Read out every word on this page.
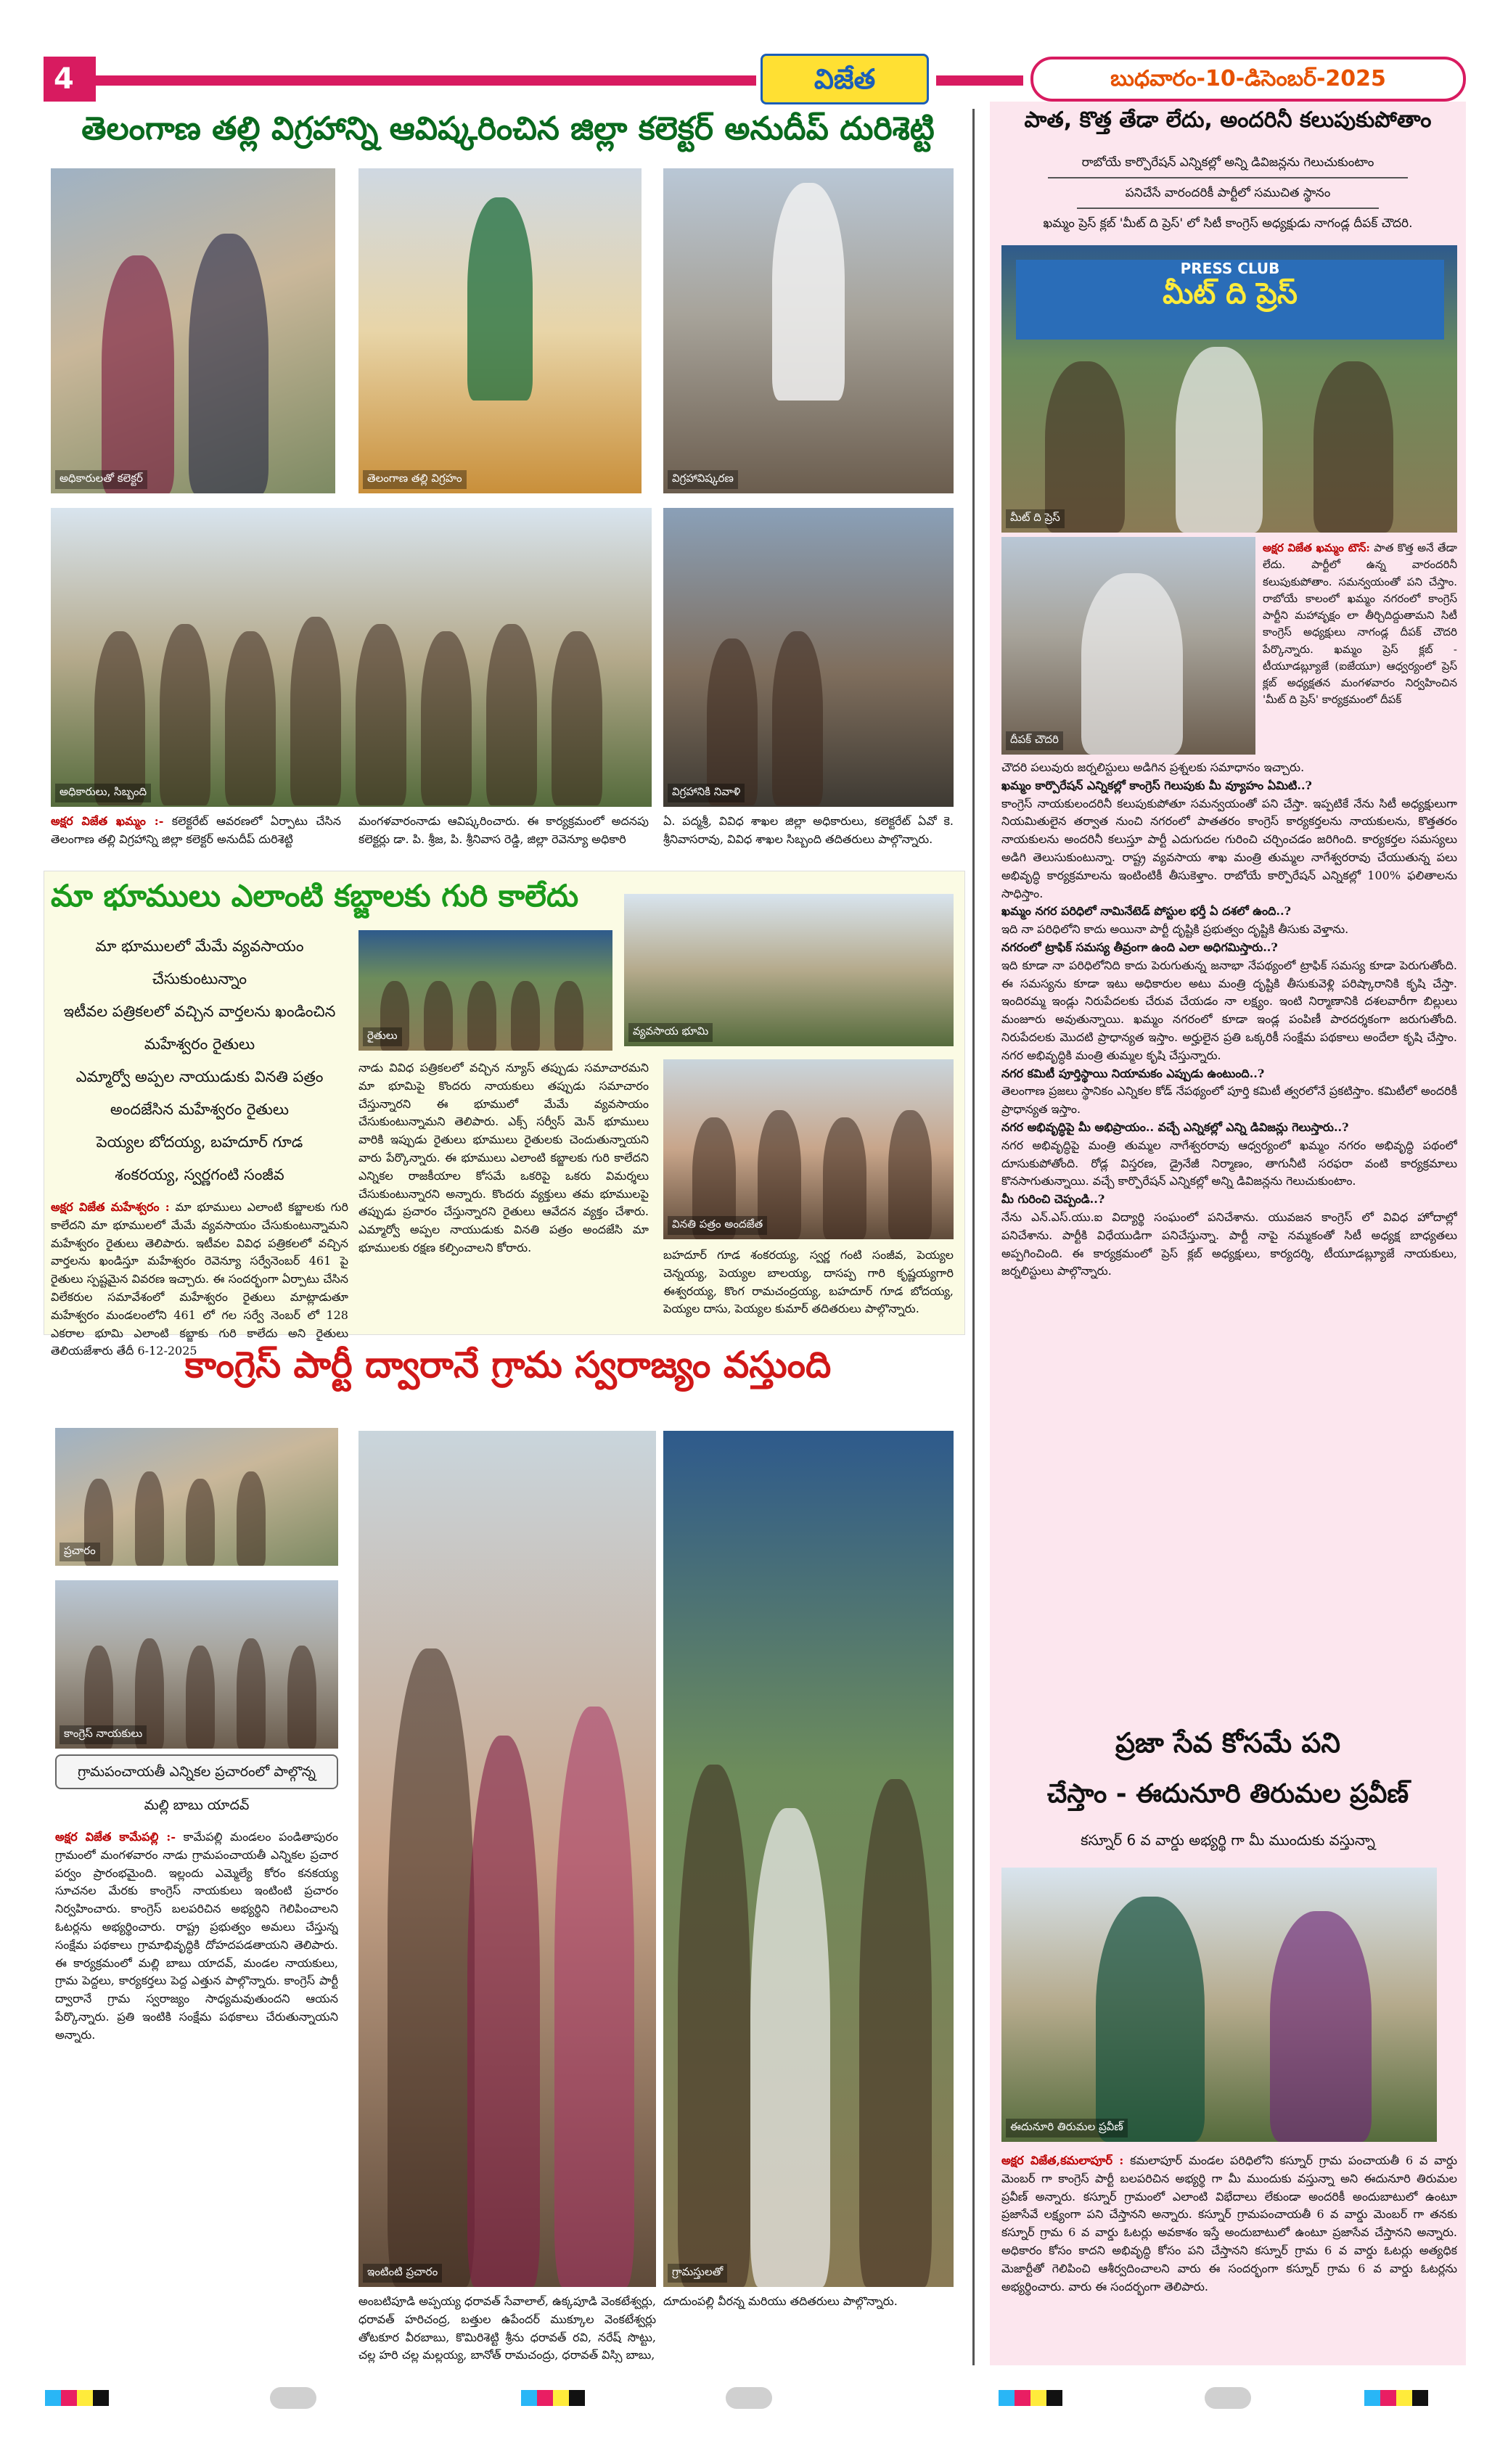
4	విజేత	బుధవారం-10-డిసెంబర్-2025
తెలంగాణ తల్లి విగ్రహాన్ని ఆవిష్కరించిన జిల్లా కలెక్టర్ అనుదీప్ దురిశెట్టి
అధికారులతో కలెక్టర్	తెలంగాణ తల్లి విగ్రహం	విగ్రహావిష్కరణ
అధికారులు, సిబ్బంది	విగ్రహానికి నివాళి
అక్షర విజేత ఖమ్మం :- కలెక్టరేట్ ఆవరణలో ఏర్పాటు చేసిన తెలంగాణ తల్లి విగ్రహాన్ని జిల్లా కలెక్టర్ అనుదీప్ దురిశెట్టి
మంగళవారంనాడు ఆవిష్కరించారు. ఈ కార్యక్రమంలో అదనపు కలెక్టర్లు డా. పి. శ్రీజ, పి. శ్రీనివాస రెడ్డి, జిల్లా రెవెన్యూ అధికారి
ఏ. పద్మశ్రీ, వివిధ శాఖల జిల్లా అధికారులు, కలెక్టరేట్ ఏవో కె. శ్రీనివాసరావు, వివిధ శాఖల సిబ్బంది తదితరులు పాల్గొన్నారు.
మా భూములు ఎలాంటి కబ్జాలకు గురి కాలేదు
మా భూములలో మేమే వ్యవసాయం
చేసుకుంటున్నాం
ఇటీవల పత్రికలలో వచ్చిన వార్తలను ఖండించిన
మహేశ్వరం రైతులు
ఎమ్మార్వో అప్పల నాయుడుకు వినతి పత్రం
అందజేసిన మహేశ్వరం రైతులు
పెయ్యల బోదయ్య, బహదూర్ గూడ
శంకరయ్య, స్వర్ణగంటి సంజీవ
రైతులు	వ్యవసాయ భూమి
వినతి పత్రం అందజేత
అక్షర విజేత మహేశ్వరం : మా భూములు ఎలాంటి కబ్జాలకు గురి కాలేదని మా భూములలో మేమే వ్యవసాయం చేసుకుంటున్నామని మహేశ్వరం రైతులు తెలిపారు. ఇటీవల వివిధ పత్రికలలో వచ్చిన వార్తలను ఖండిస్తూ మహేశ్వరం రెవెన్యూ సర్వేనెంబర్ 461 పై రైతులు స్పష్టమైన వివరణ ఇచ్చారు. ఈ సందర్భంగా ఏర్పాటు చేసిన విలేకరుల సమావేశంలో మహేశ్వరం రైతులు మాట్లాడుతూ మహేశ్వరం మండలంలోని 461 లో గల సర్వే నెంబర్ లో 128 ఎకరాల భూమి ఎలాంటి కబ్జాకు గురి కాలేదు అని రైతులు తెలియజేశారు తేదీ 6-12-2025
నాడు వివిధ పత్రికలలో వచ్చిన న్యూస్ తప్పుడు సమాచారమని మా భూమిపై కొందరు నాయకులు తప్పుడు సమాచారం చేస్తున్నారని ఈ భూములో మేమే వ్యవసాయం చేసుకుంటున్నామని తెలిపారు. ఎక్స్ సర్వీస్ మెన్ భూములు వారికి ఇప్పుడు రైతులు భూములు రైతులకు చెందుతున్నాయని వారు పేర్కొన్నారు. ఈ భూములు ఎలాంటి కబ్జాలకు గురి కాలేదని ఎన్నికల రాజకీయాల కోసమే ఒకరిపై ఒకరు విమర్శలు చేసుకుంటున్నారని అన్నారు. కొందరు వ్యక్తులు తమ భూములపై తప్పుడు ప్రచారం చేస్తున్నారని రైతులు ఆవేదన వ్యక్తం చేశారు. ఎమ్మార్వో అప్పల నాయుడుకు వినతి పత్రం అందజేసి మా భూములకు రక్షణ కల్పించాలని కోరారు.
బహదూర్ గూడ శంకరయ్య, స్వర్ణ గంటి సంజీవ, పెయ్యల చెన్నయ్య, పెయ్యల బాలయ్య, దాసప్ప గారి కృష్ణయ్యగారి ఈశ్వరయ్య, కొంగ రామచంద్రయ్య, బహదూర్ గూడ బోదయ్య, పెయ్యల దాసు, పెయ్యల కుమార్ తదితరులు పాల్గొన్నారు.
కాంగ్రెస్ పార్టీ ద్వారానే గ్రామ స్వరాజ్యం వస్తుంది
ప్రచారం
కాంగ్రెస్ నాయకులు
గ్రామపంచాయతీ ఎన్నికల ప్రచారంలో పాల్గొన్న
మల్లి బాబు యాదవ్
అక్షర విజేత కామేపల్లి :- కామేపల్లి మండలం పండితాపురం గ్రామంలో మంగళవారం నాడు గ్రామపంచాయతీ ఎన్నికల ప్రచార పర్వం ప్రారంభమైంది. ఇల్లందు ఎమ్మెల్యే కోరం కనకయ్య సూచనల మేరకు కాంగ్రెస్ నాయకులు ఇంటింటి ప్రచారం నిర్వహించారు. కాంగ్రెస్ బలపరిచిన అభ్యర్థిని గెలిపించాలని ఓటర్లను అభ్యర్థించారు. రాష్ట్ర ప్రభుత్వం అమలు చేస్తున్న సంక్షేమ పథకాలు గ్రామాభివృద్ధికి దోహదపడతాయని తెలిపారు. ఈ కార్యక్రమంలో మల్లి బాబు యాదవ్, మండల నాయకులు, గ్రామ పెద్దలు, కార్యకర్తలు పెద్ద ఎత్తున పాల్గొన్నారు. కాంగ్రెస్ పార్టీ ద్వారానే గ్రామ స్వరాజ్యం సాధ్యమవుతుందని ఆయన పేర్కొన్నారు. ప్రతి ఇంటికి సంక్షేమ పథకాలు చేరుతున్నాయని అన్నారు.
ఇంటింటి ప్రచారం	గ్రామస్తులతో
అంబటిపూడి అప్పయ్య ధరావత్ సేవాలాల్, ఉక్కపూడి వెంకటేశ్వర్లు, ధరావత్ హరిచంద్ర, బత్తుల ఉపేందర్ ముక్కూల వెంకటేశ్వర్లు తోటకూర వీరబాబు, కొమిరిశెట్టి శ్రీను ధరావత్ రవి, నరేష్ సొట్టు, చల్ల హరి చల్ల మల్లయ్య, బానోత్ రామచంద్రు, ధరావత్ విస్సి బాబు,
దూదుంపల్లి వీరన్న మరియు తదితరులు పాల్గొన్నారు.
పాత, కొత్త తేడా లేదు, అందరినీ కలుపుకుపోతాం
రాబోయే కార్పొరేషన్ ఎన్నికల్లో అన్ని డివిజన్లను గెలుచుకుంటాం
పనిచేసే వారందరికీ పార్టీలో సముచిత స్థానం
ఖమ్మం ప్రెస్ క్లబ్ 'మీట్ ది ప్రెస్' లో సిటీ కాంగ్రెస్ అధ్యక్షుడు నాగండ్ల దీపక్ చౌదరి.
PRESS CLUB
మీట్ ది ప్రెస్
మీట్ ది ప్రెస్
దీపక్ చౌదరి
అక్షర విజేత ఖమ్మం టౌన్: పాత కొత్త అనే తేడా లేదు. పార్టీలో ఉన్న వారందరినీ కలుపుకుపోతాం. సమన్వయంతో పని చేస్తాం. రాబోయే కాలంలో ఖమ్మం నగరంలో కాంగ్రెస్ పార్టీని మహావృక్షం లా తీర్చిదిద్దుతామని సిటీ కాంగ్రెస్ అధ్యక్షులు నాగండ్ల దీపక్ చౌదరి పేర్కొన్నారు. ఖమ్మం ప్రెస్ క్లబ్ - టీయూడబ్ల్యూజే (ఐజేయూ) ఆధ్వర్యంలో ప్రెస్ క్లబ్ అధ్యక్షతన మంగళవారం నిర్వహించిన 'మీట్ ది ప్రెస్' కార్యక్రమంలో దీపక్
చౌదరి పలువురు జర్నలిస్టులు అడిగిన ప్రశ్నలకు సమాధానం ఇచ్చారు.
ఖమ్మం కార్పొరేషన్ ఎన్నికల్లో కాంగ్రెస్ గెలుపుకు మీ వ్యూహం ఏమిటి..?
కాంగ్రెస్ నాయకులందరినీ కలుపుకుపోతూ సమన్వయంతో పని చేస్తా. ఇప్పటికే నేను సిటీ అధ్యక్షులుగా నియమితులైన తర్వాత నుంచి నగరంలో పాతతరం కాంగ్రెస్ కార్యకర్తలను నాయకులను, కొత్తతరం నాయకులను అందరినీ కలుస్తూ పార్టీ ఎదుగుదల గురించి చర్చించడం జరిగింది. కార్యకర్తల సమస్యలు అడిగి తెలుసుకుంటున్నా. రాష్ట్ర వ్యవసాయ శాఖ మంత్రి తుమ్మల నాగేశ్వరరావు చేయుతున్న పలు అభివృద్ధి కార్యక్రమాలను ఇంటింటికీ తీసుకెళ్తాం. రాబోయే కార్పొరేషన్ ఎన్నికల్లో 100% ఫలితాలను సాధిస్తాం.
ఖమ్మం నగర పరిధిలో నామినేటెడ్ పోస్టుల భర్తీ ఏ దశలో ఉంది..?
ఇది నా పరిధిలోని కాదు అయినా పార్టీ దృష్టికి ప్రభుత్వం దృష్టికి తీసుకు వెళ్తాను.
నగరంలో ట్రాఫిక్ సమస్య తీవ్రంగా ఉంది ఎలా అధిగమిస్తారు..?
ఇది కూడా నా పరిధిలోనిది కాదు పెరుగుతున్న జనాభా నేపథ్యంలో ట్రాఫిక్ సమస్య కూడా పెరుగుతోంది. ఈ సమస్యను కూడా ఇటు అధికారుల అటు మంత్రి దృష్టికి తీసుకువెళ్లి పరిష్కారానికి కృషి చేస్తా. ఇందిరమ్మ ఇండ్లు నిరుపేదలకు చేరువ చేయడం నా లక్ష్యం. ఇంటి నిర్మాణానికి దశలవారీగా బిల్లులు మంజూరు అవుతున్నాయి. ఖమ్మం నగరంలో కూడా ఇండ్ల పంపిణీ పారదర్శకంగా జరుగుతోంది. నిరుపేదలకు మొదటి ప్రాధాన్యత ఇస్తాం. అర్హులైన ప్రతి ఒక్కరికీ సంక్షేమ పథకాలు అందేలా కృషి చేస్తాం. నగర అభివృద్ధికి మంత్రి తుమ్మల కృషి చేస్తున్నారు.
నగర కమిటీ పూర్తిస్థాయి నియామకం ఎప్పుడు ఉంటుంది..?
తెలంగాణ ప్రజలు స్థానికం ఎన్నికల కోడ్ నేపథ్యంలో పూర్తి కమిటీ త్వరలోనే ప్రకటిస్తాం. కమిటీలో అందరికీ ప్రాధాన్యత ఇస్తాం.
నగర అభివృద్ధిపై మీ అభిప్రాయం.. వచ్చే ఎన్నికల్లో ఎన్ని డివిజన్లు గెలుస్తారు..?
నగర అభివృద్ధిపై మంత్రి తుమ్మల నాగేశ్వరరావు ఆధ్వర్యంలో ఖమ్మం నగరం అభివృద్ధి పథంలో దూసుకుపోతోంది. రోడ్ల విస్తరణ, డ్రైనేజీ నిర్మాణం, తాగునీటి సరఫరా వంటి కార్యక్రమాలు కొనసాగుతున్నాయి. వచ్చే కార్పొరేషన్ ఎన్నికల్లో అన్ని డివిజన్లను గెలుచుకుంటాం.
మీ గురించి చెప్పండి..?
నేను ఎన్.ఎస్.యు.ఐ విద్యార్థి సంఘంలో పనిచేశాను. యువజన కాంగ్రెస్ లో వివిధ హోదాల్లో పనిచేశాను. పార్టీకి విధేయుడిగా పనిచేస్తున్నా. పార్టీ నాపై నమ్మకంతో సిటీ అధ్యక్ష బాధ్యతలు అప్పగించింది. ఈ కార్యక్రమంలో ప్రెస్ క్లబ్ అధ్యక్షులు, కార్యదర్శి, టీయూడబ్ల్యూజే నాయకులు, జర్నలిస్టులు పాల్గొన్నారు.
ప్రజా సేవ కోసమే పని
చేస్తాం - ఈదునూరి తిరుమల ప్రవీణ్
కస్నూర్ 6 వ వార్డు అభ్యర్థి గా మీ ముందుకు వస్తున్నా
ఈదునూరి తిరుమల ప్రవీణ్
అక్షర విజేత,కమలాపూర్ : కమలాపూర్ మండల పరిధిలోని కస్నూర్ గ్రామ పంచాయతీ 6 వ వార్డు మెంబర్ గా కాంగ్రెస్ పార్టీ బలపరిచిన అభ్యర్థి గా మీ ముందుకు వస్తున్నా అని ఈదునూరి తిరుమల ప్రవీణ్ అన్నారు. కస్నూర్ గ్రామంలో ఎలాంటి విభేదాలు లేకుండా అందరికీ అందుబాటులో ఉంటూ ప్రజాసేవే లక్ష్యంగా పని చేస్తానని అన్నారు. కస్నూర్ గ్రామపంచాయతీ 6 వ వార్డు మెంబర్ గా తనకు కస్నూర్ గ్రామ 6 వ వార్డు ఓటర్లు అవకాశం ఇస్తే అందుబాటులో ఉంటూ ప్రజాసేవ చేస్తానని అన్నారు. అధికారం కోసం కాదని అభివృద్ధి కోసం పని చేస్తానని కస్నూర్ గ్రామ 6 వ వార్డు ఓటర్లు అత్యధిక మెజార్టీతో గెలిపించి ఆశీర్వదించాలని వారు ఈ సందర్భంగా కస్నూర్ గ్రామ 6 వ వార్డు ఓటర్లను అభ్యర్థించారు. వారు ఈ సందర్భంగా తెలిపారు.
